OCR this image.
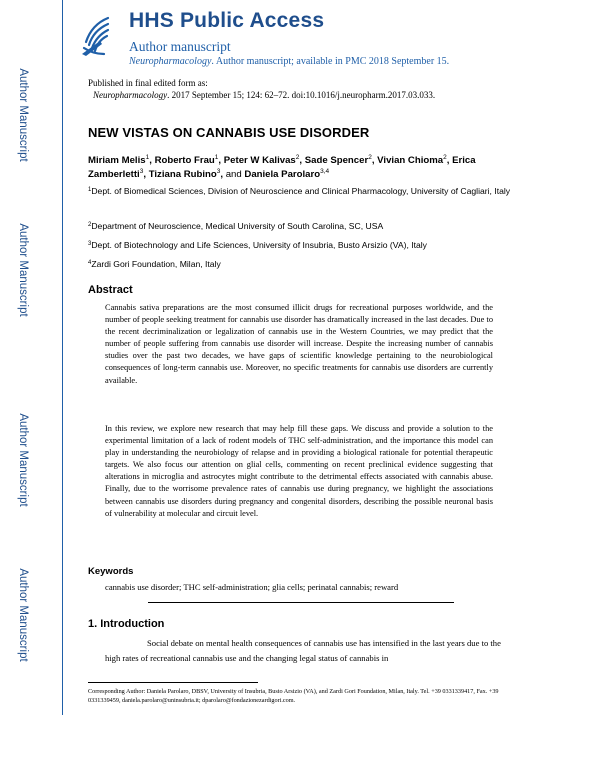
Author Manuscript
Author Manuscript
Author Manuscript
Author Manuscript
HHS Public Access
Author manuscript
Neuropharmacology. Author manuscript; available in PMC 2018 September 15.
Published in final edited form as:
Neuropharmacology. 2017 September 15; 124: 62–72. doi:10.1016/j.neuropharm.2017.03.033.
NEW VISTAS ON CANNABIS USE DISORDER
Miriam Melis$^1$, Roberto Frau$^1$, Peter W Kalivas$^2$, Sade Spencer$^2$, Vivian Chioma$^2$, Erica Zamberletti$^3$, Tiziana Rubino$^3$, and Daniela Parolaro$^{3,4}$
$^1$Dept. of Biomedical Sciences, Division of Neuroscience and Clinical Pharmacology, University of Cagliari, Italy
$^2$Department of Neuroscience, Medical University of South Carolina, SC, USA
$^3$Dept. of Biotechnology and Life Sciences, University of Insubria, Busto Arsizio (VA), Italy
$^4$Zardi Gori Foundation, Milan, Italy
Abstract
Cannabis sativa preparations are the most consumed illicit drugs for recreational purposes worldwide, and the number of people seeking treatment for cannabis use disorder has dramatically increased in the last decades. Due to the recent decriminalization or legalization of cannabis use in the Western Countries, we may predict that the number of people suffering from cannabis use disorder will increase. Despite the increasing number of cannabis studies over the past two decades, we have gaps of scientific knowledge pertaining to the neurobiological consequences of long-term cannabis use. Moreover, no specific treatments for cannabis use disorders are currently available.
In this review, we explore new research that may help fill these gaps. We discuss and provide a solution to the experimental limitation of a lack of rodent models of THC self-administration, and the importance this model can play in understanding the neurobiology of relapse and in providing a biological rationale for potential therapeutic targets. We also focus our attention on glial cells, commenting on recent preclinical evidence suggesting that alterations in microglia and astrocytes might contribute to the detrimental effects associated with cannabis abuse. Finally, due to the worrisome prevalence rates of cannabis use during pregnancy, we highlight the associations between cannabis use disorders during pregnancy and congenital disorders, describing the possible neuronal basis of vulnerability at molecular and circuit level.
Keywords
cannabis use disorder; THC self-administration; glia cells; perinatal cannabis; reward
1. Introduction
Social debate on mental health consequences of cannabis use has intensified in the last years due to the high rates of recreational cannabis use and the changing legal status of cannabis in
Corresponding Author: Daniela Parolaro, DBSV, University of Insubria, Busto Arsizio (VA), and Zardi Gori Foundation, Milan, Italy. Tel. +39 0331339417, Fax. +39 0331339459, daniela.parolaro@uninsubria.it; dparolaro@fondazionezardigori.com.
